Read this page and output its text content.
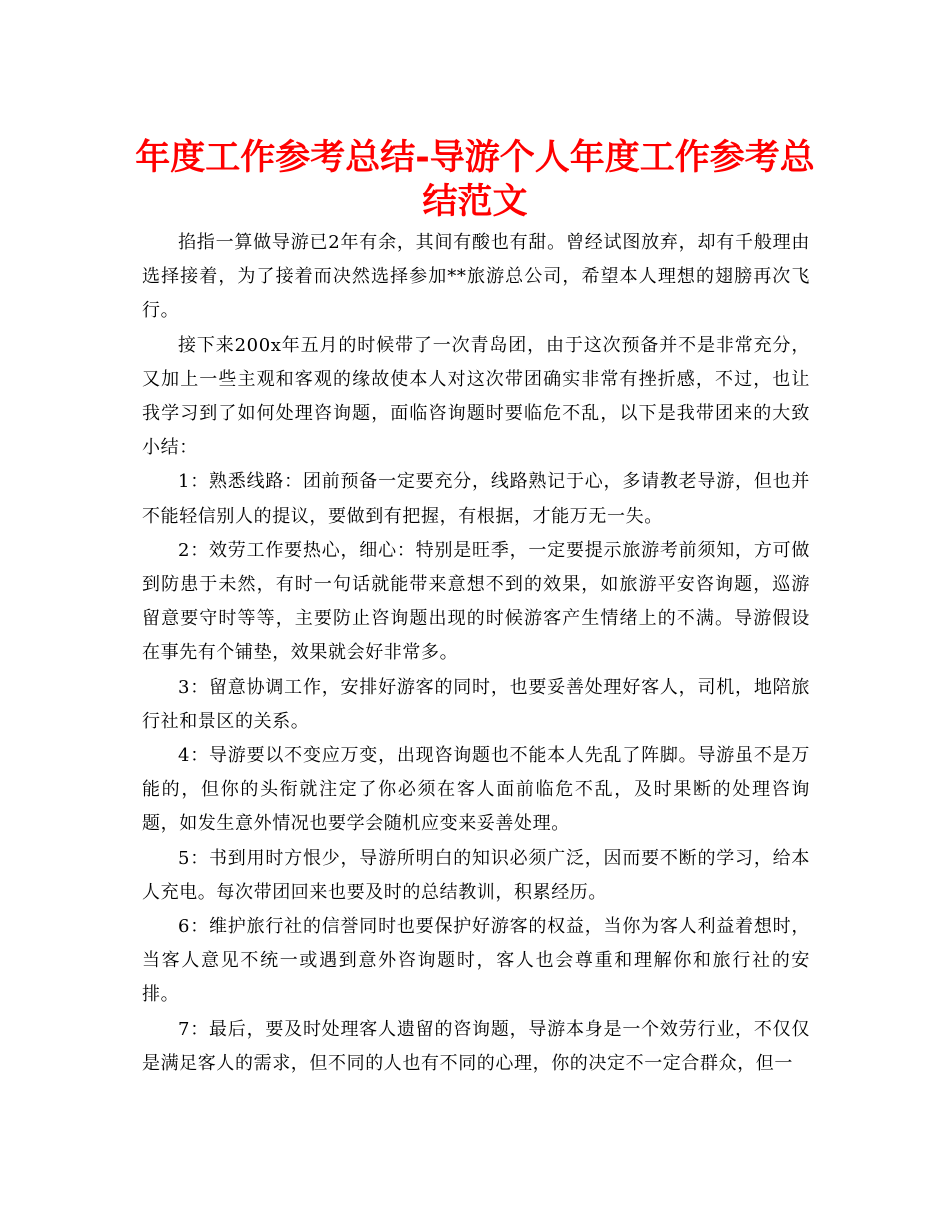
年度工作参考总结-导游个人年度工作参考总结范文

掐指一算做导游已2年有余，其间有酸也有甜。曾经试图放弃，却有千般理由选择接着，为了接着而决然选择参加**旅游总公司，希望本人理想的翅膀再次飞行。

接下来200x年五月的时候带了一次青岛团，由于这次预备并不是非常充分，又加上一些主观和客观的缘故使本人对这次带团确实非常有挫折感，不过，也让我学习到了如何处理咨询题，面临咨询题时要临危不乱，以下是我带团来的大致小结：

1：熟悉线路：团前预备一定要充分，线路熟记于心，多请教老导游，但也并不能轻信别人的提议，要做到有把握，有根据，才能万无一失。

2：效劳工作要热心，细心：特别是旺季，一定要提示旅游考前须知，方可做到防患于未然，有时一句话就能带来意想不到的效果，如旅游平安咨询题，巡游留意要守时等等，主要防止咨询题出现的时候游客产生情绪上的不满。导游假设在事先有个铺垫，效果就会好非常多。

3：留意协调工作，安排好游客的同时，也要妥善处理好客人，司机，地陪旅行社和景区的关系。

4：导游要以不变应万变，出现咨询题也不能本人先乱了阵脚。导游虽不是万能的，但你的头衔就注定了你必须在客人面前临危不乱，及时果断的处理咨询题，如发生意外情况也要学会随机应变来妥善处理。

5：书到用时方恨少，导游所明白的知识必须广泛，因而要不断的学习，给本人充电。每次带团回来也要及时的总结教训，积累经历。

6：维护旅行社的信誉同时也要保护好游客的权益，当你为客人利益着想时，当客人意见不统一或遇到意外咨询题时，客人也会尊重和理解你和旅行社的安排。

7：最后，要及时处理客人遗留的咨询题，导游本身是一个效劳行业，不仅仅是满足客人的需求，但不同的人也有不同的心理，你的决定不一定合群众，但一
